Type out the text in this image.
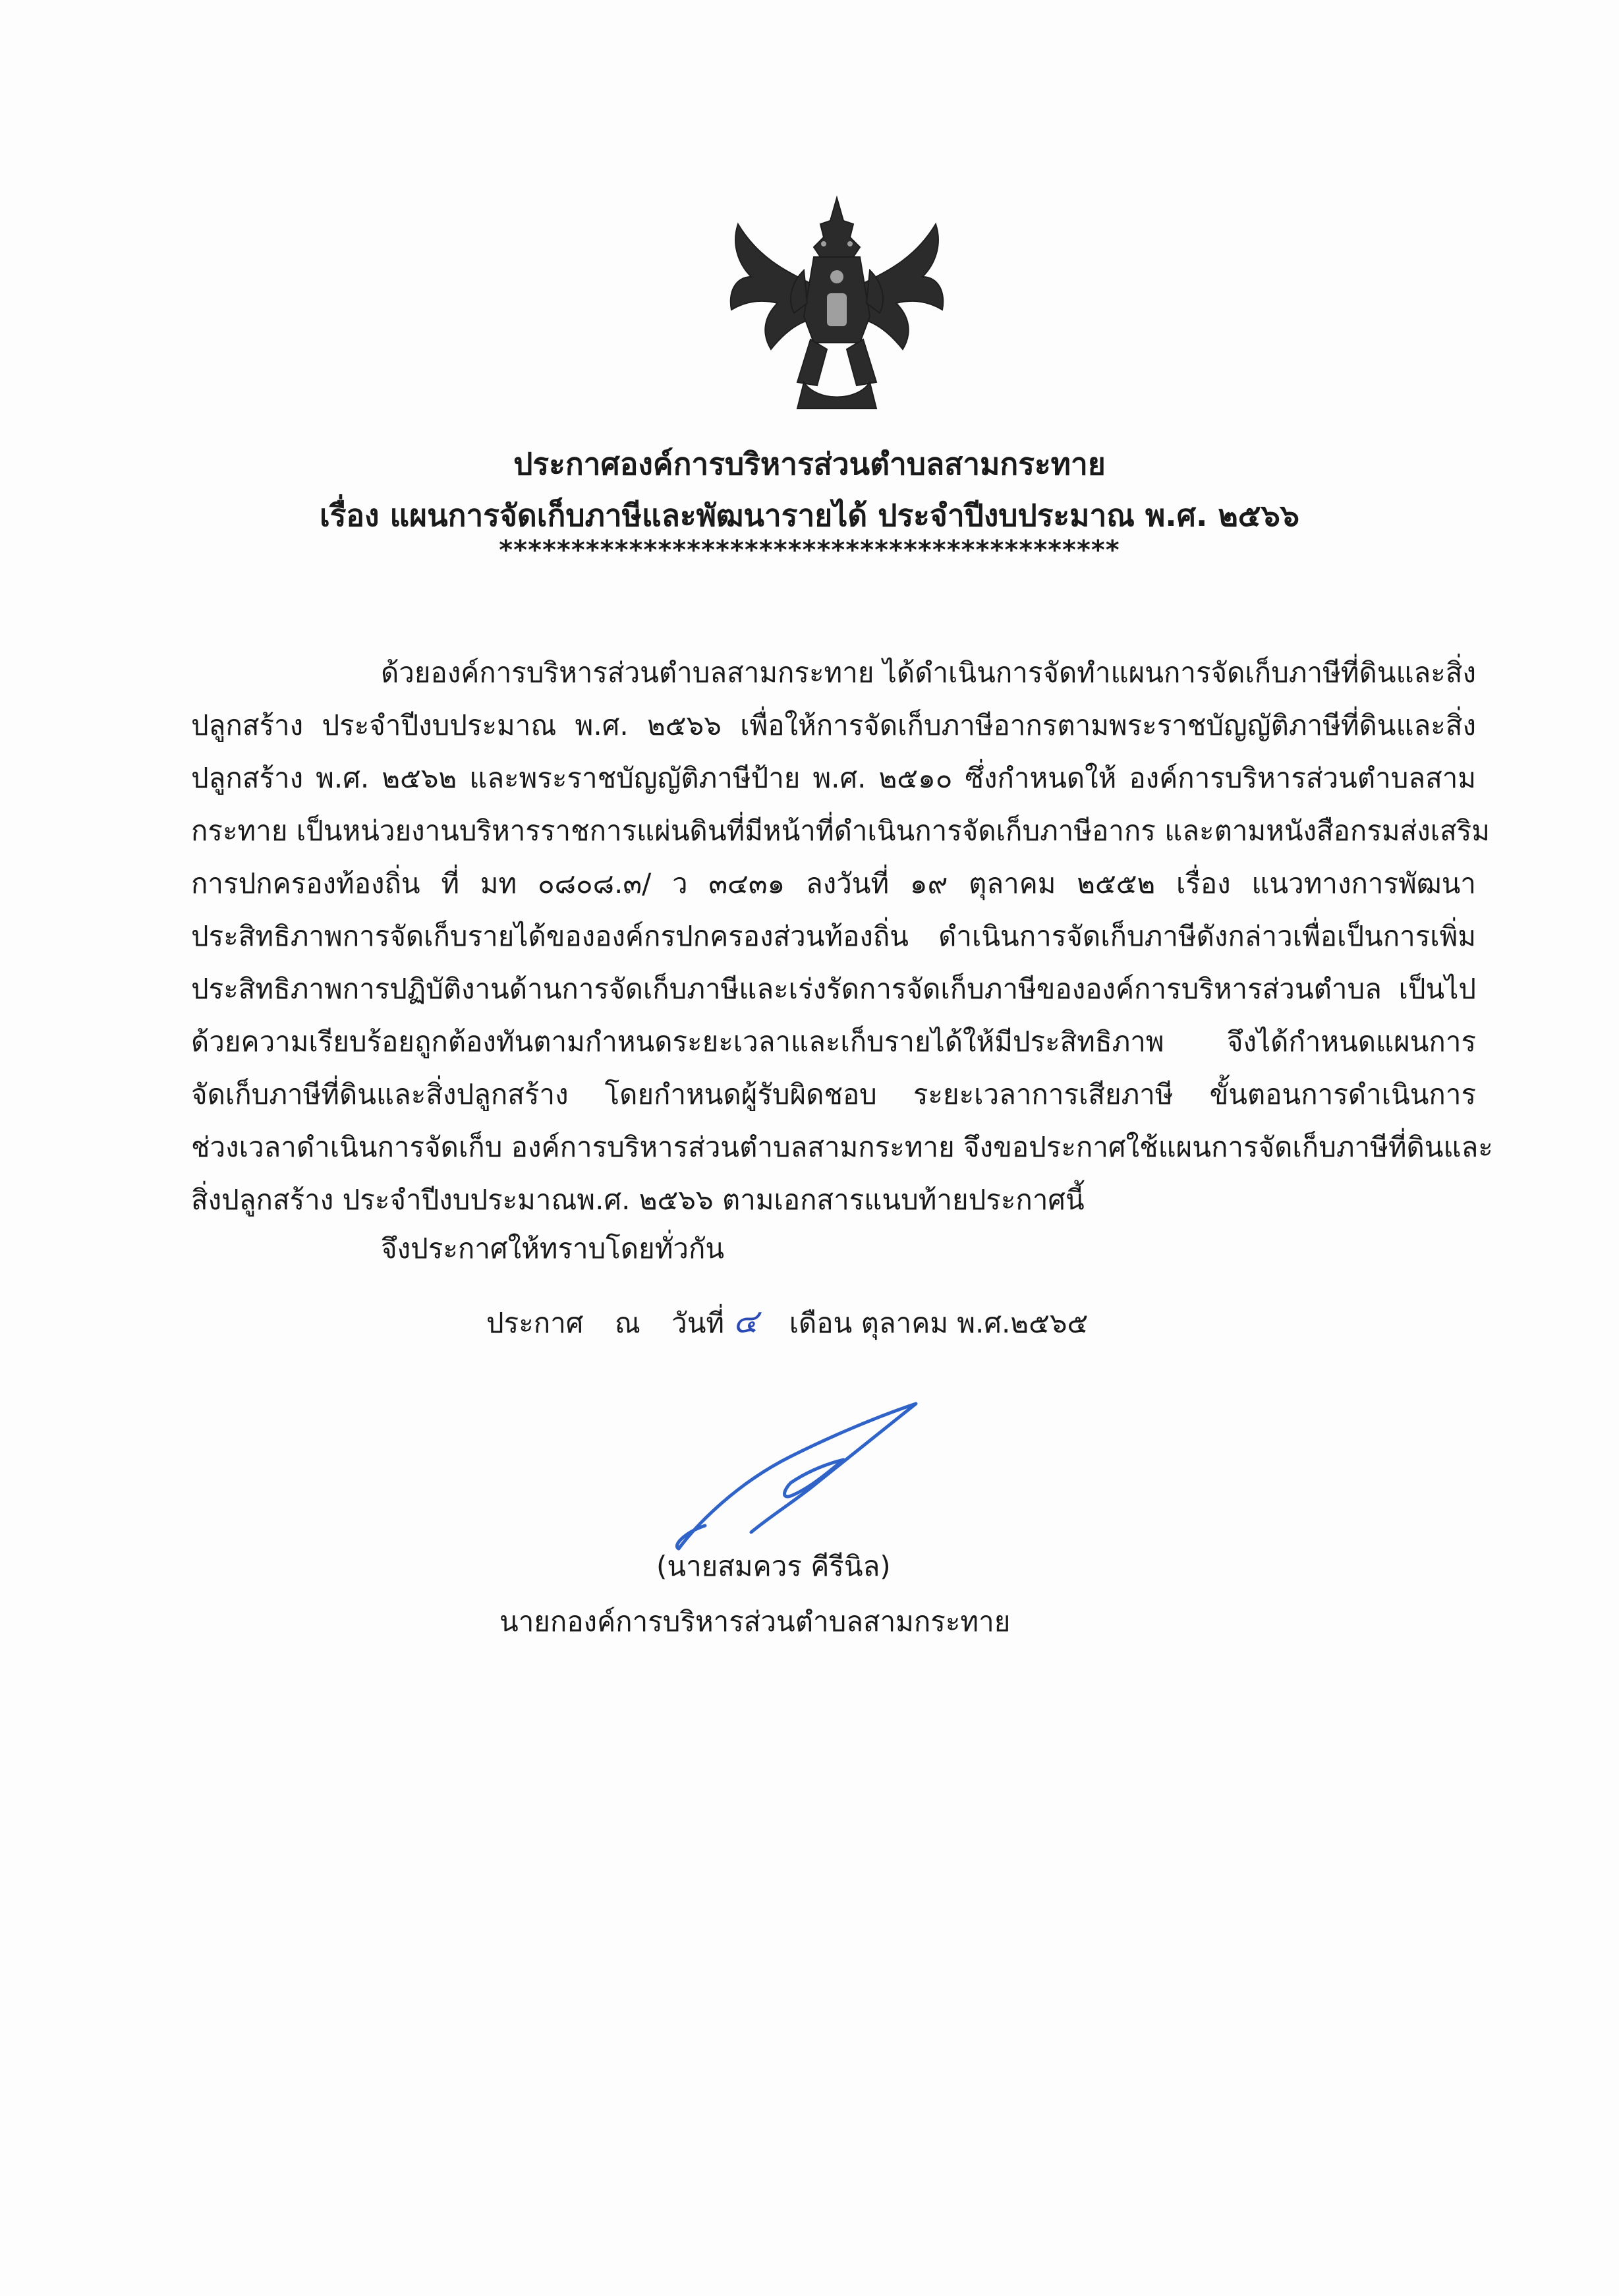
ประกาศองค์การบริหารส่วนตำบลสามกระทาย
เรื่อง แผนการจัดเก็บภาษีและพัฒนารายได้ ประจำปีงบประมาณ พ.ศ. ๒๕๖๖
*******************************************
ด้วยองค์การบริหารส่วนตำบลสามกระทาย ได้ดำเนินการจัดทำแผนการจัดเก็บภาษีที่ดินและสิ่ง
ปลูกสร้าง ประจำปีงบประมาณ พ.ศ. ๒๕๖๖ เพื่อให้การจัดเก็บภาษีอากรตามพระราชบัญญัติภาษีที่ดินและสิ่ง
ปลูกสร้าง พ.ศ. ๒๕๖๒ และพระราชบัญญัติภาษีป้าย พ.ศ. ๒๕๑๐ ซึ่งกำหนดให้ องค์การบริหารส่วนตำบลสาม
กระทาย เป็นหน่วยงานบริหารราชการแผ่นดินที่มีหน้าที่ดำเนินการจัดเก็บภาษีอากร และตามหนังสือกรมส่งเสริม
การปกครองท้องถิ่น ที่ มท ๐๘๐๘.๓/ ว ๓๔๓๑ ลงวันที่ ๑๙ ตุลาคม ๒๕๕๒ เรื่อง แนวทางการพัฒนา
ประสิทธิภาพการจัดเก็บรายได้ขององค์กรปกครองส่วนท้องถิ่น ดำเนินการจัดเก็บภาษีดังกล่าวเพื่อเป็นการเพิ่ม
ประสิทธิภาพการปฏิบัติงานด้านการจัดเก็บภาษีและเร่งรัดการจัดเก็บภาษีขององค์การบริหารส่วนตำบล เป็นไป
ด้วยความเรียบร้อยถูกต้องทันตามกำหนดระยะเวลาและเก็บรายได้ให้มีประสิทธิภาพ จึงได้กำหนดแผนการ
จัดเก็บภาษีที่ดินและสิ่งปลูกสร้าง โดยกำหนดผู้รับผิดชอบ ระยะเวลาการเสียภาษี ขั้นตอนการดำเนินการ
ช่วงเวลาดำเนินการจัดเก็บ องค์การบริหารส่วนตำบลสามกระทาย จึงขอประกาศใช้แผนการจัดเก็บภาษีที่ดินและ
สิ่งปลูกสร้าง ประจำปีงบประมาณพ.ศ. ๒๕๖๖ ตามเอกสารแนบท้ายประกาศนี้
จึงประกาศให้ทราบโดยทั่วกัน
ประกาศ ณ วันที่ ๔ เดือน ตุลาคม พ.ศ.๒๕๖๕
(นายสมควร คีรีนิล)
นายกองค์การบริหารส่วนตำบลสามกระทาย
